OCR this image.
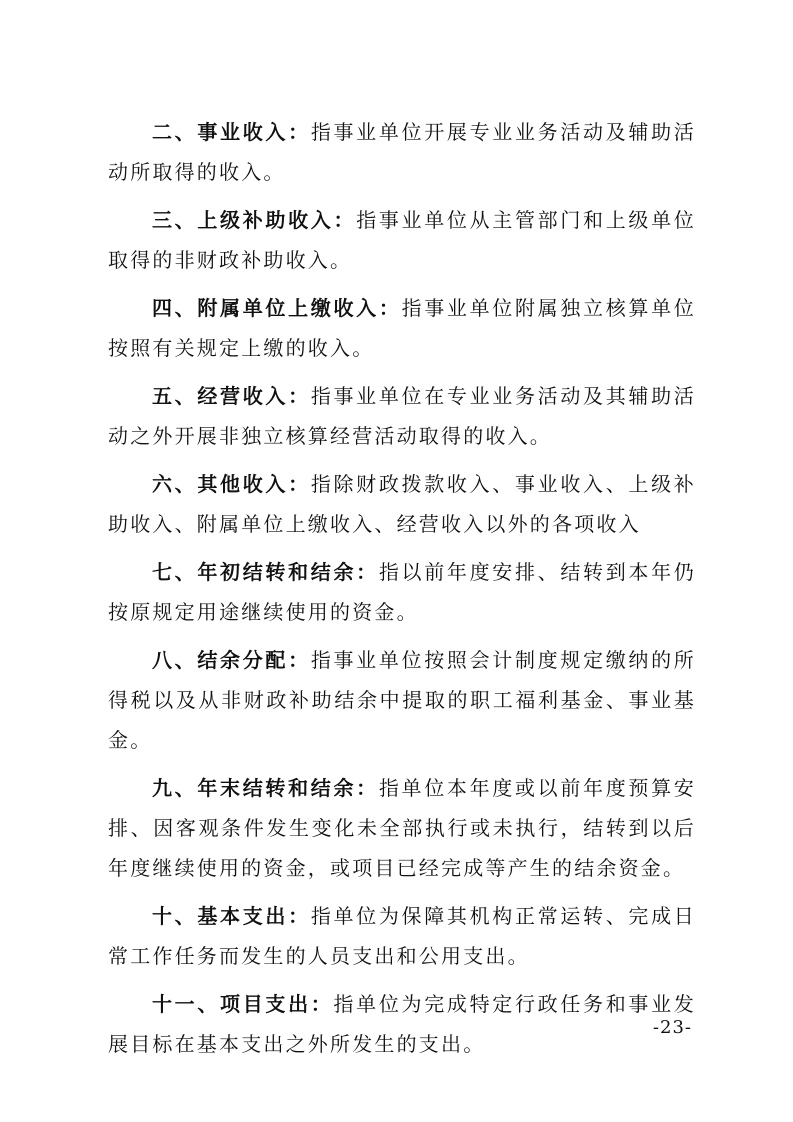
二、事业收入：指事业单位开展专业业务活动及辅助活动所取得的收入。

三、上级补助收入：指事业单位从主管部门和上级单位取得的非财政补助收入。

四、附属单位上缴收入：指事业单位附属独立核算单位按照有关规定上缴的收入。

五、经营收入：指事业单位在专业业务活动及其辅助活动之外开展非独立核算经营活动取得的收入。

六、其他收入：指除财政拨款收入、事业收入、上级补助收入、附属单位上缴收入、经营收入以外的各项收入

七、年初结转和结余：指以前年度安排、结转到本年仍按原规定用途继续使用的资金。

八、结余分配：指事业单位按照会计制度规定缴纳的所得税以及从非财政补助结余中提取的职工福利基金、事业基金。

九、年末结转和结余：指单位本年度或以前年度预算安排、因客观条件发生变化未全部执行或未执行，结转到以后年度继续使用的资金，或项目已经完成等产生的结余资金。

十、基本支出：指单位为保障其机构正常运转、完成日常工作任务而发生的人员支出和公用支出。

十一、项目支出：指单位为完成特定行政任务和事业发展目标在基本支出之外所发生的支出。

-23-
